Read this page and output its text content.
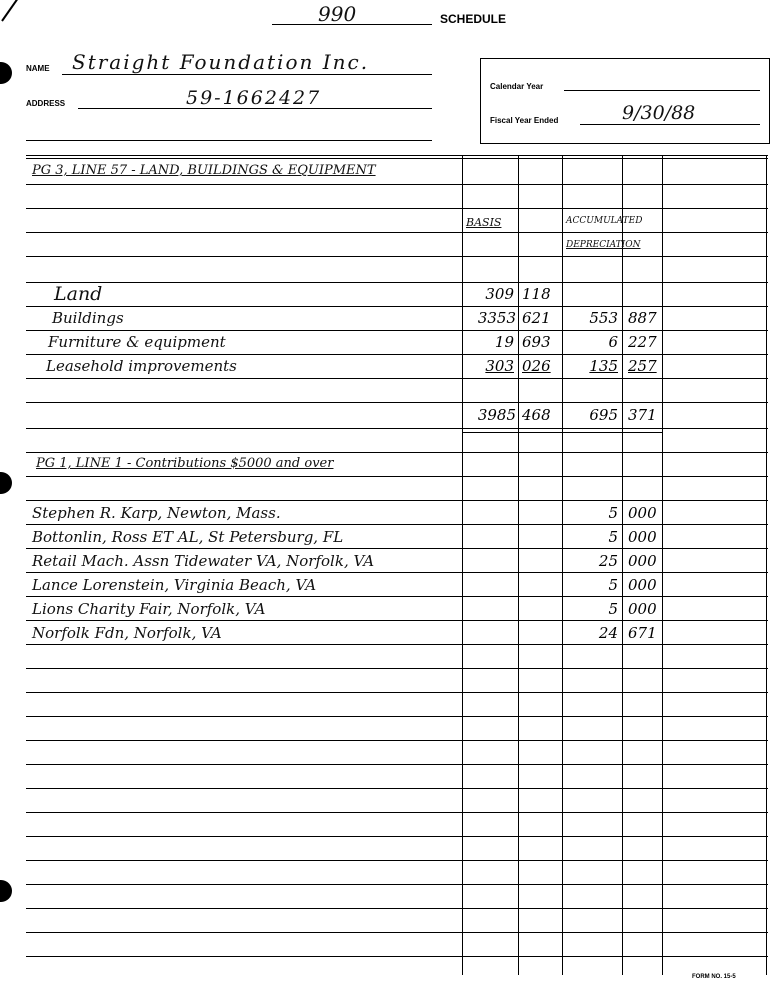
990	SCHEDULE
NAME Straight Foundation Inc.
ADDRESS	59-1662427
Calendar Year
Fiscal Year Ended	9/30/88
PG 3, LINE 57 - LAND, BUILDINGS & EQUIPMENT
BASIS	ACCUMULATED
DEPRECIATION
Land	309 118
Buildings	3353 621	553 887
Furniture & equipment	19 693	6 227
Leasehold improvements	303 026	135 257
3985 468	695 371
PG 1, LINE 1 - Contributions $5000 and over
Stephen R. Karp, Newton, Mass.	5 000
Bottonlin, Ross ET AL, St Petersburg, FL	5 000
Retail Mach. Assn Tidewater VA, Norfolk, VA	25 000
Lance Lorenstein, Virginia Beach, VA	5 000
Lions Charity Fair, Norfolk, VA	5 000
Norfolk Fdn, Norfolk, VA	24 671
FORM NO. 15-5
